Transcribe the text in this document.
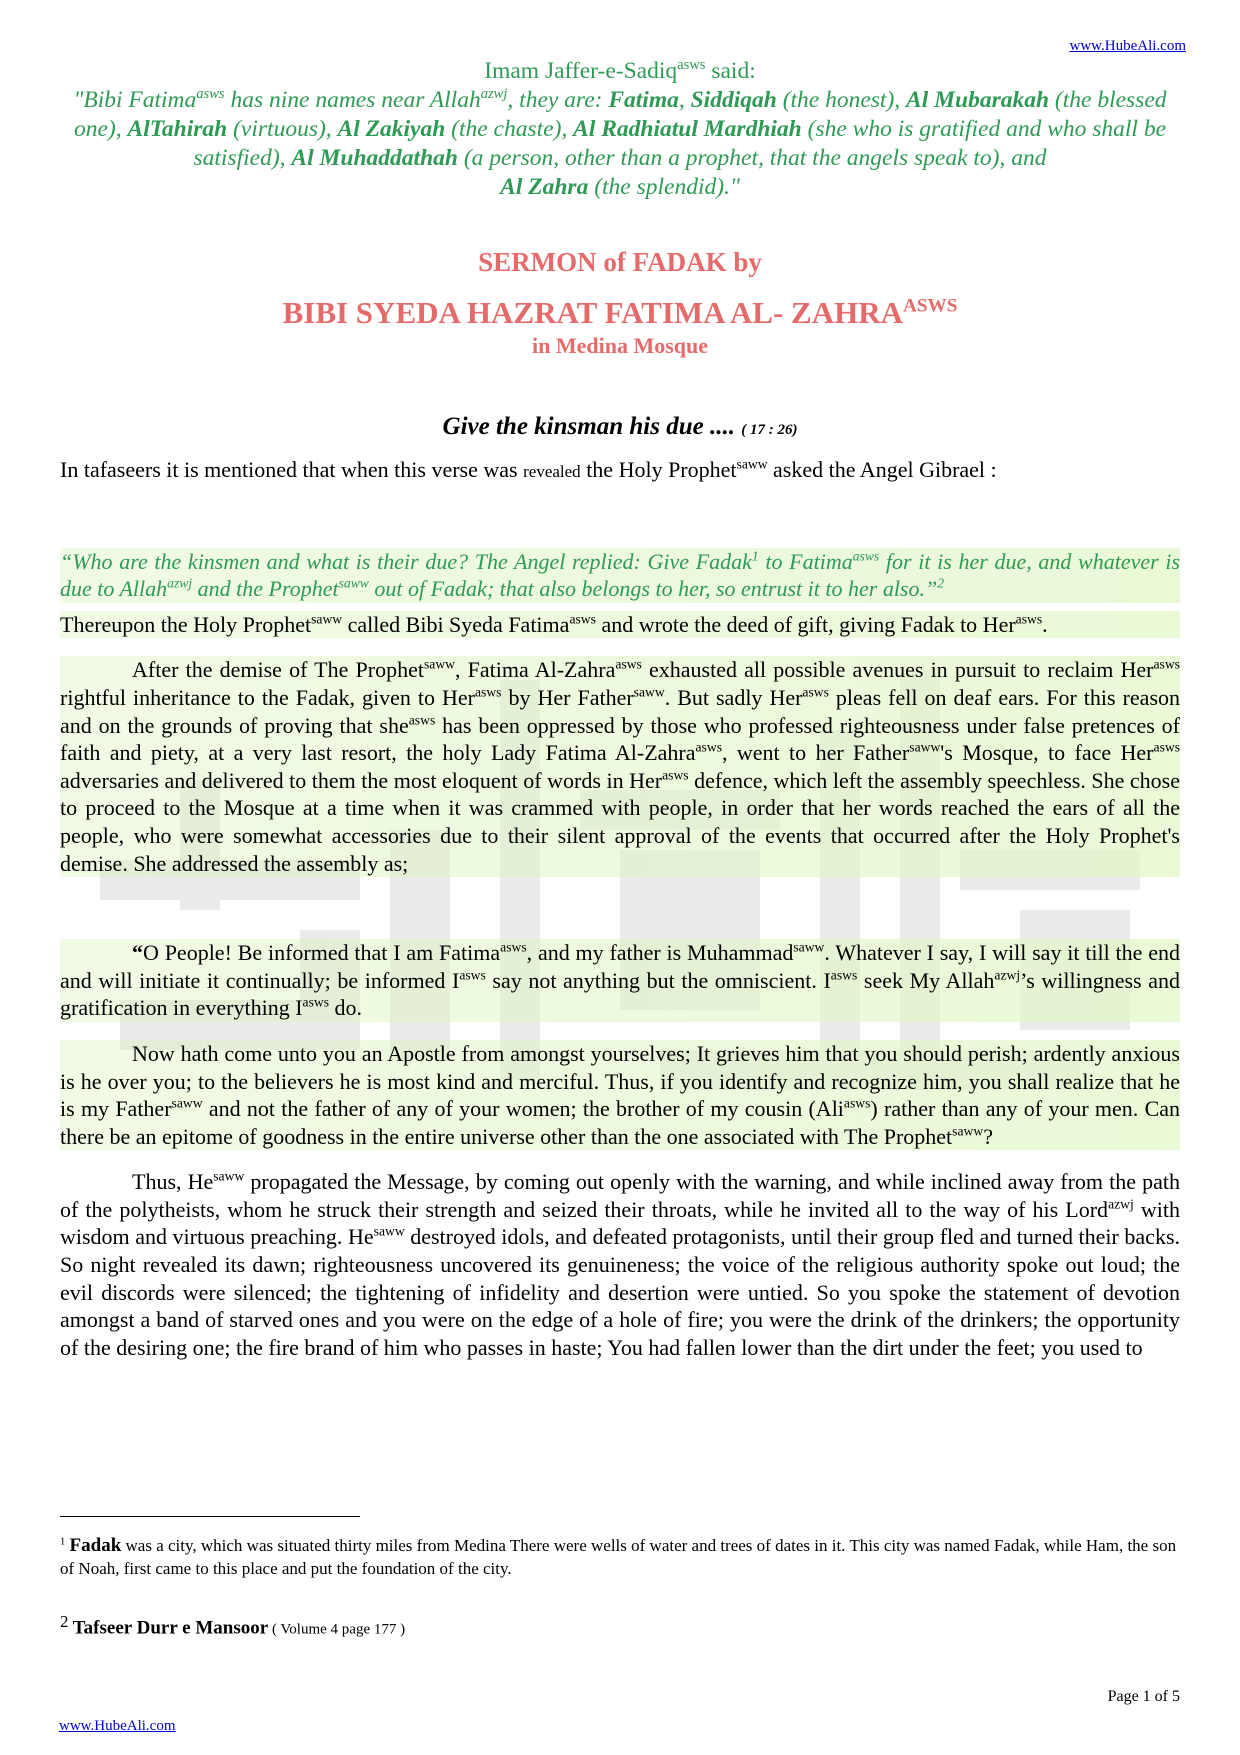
www.HubeAli.com
Imam Jaffer-e-Sadiq$^{asws}$ said:
"Bibi Fatima$^{asws}$ has nine names near Allah$^{azwj}$, they are: Fatima, Siddiqah (the honest), Al Mubarakah (the blessed one), AlTahirah (virtuous), Al Zakiyah (the chaste), Al Radhiatul Mardhiah (she who is gratified and who shall be satisfied), Al Muhaddathah (a person, other than a prophet, that the angels speak to), and
Al Zahra (the splendid)."
SERMON of FADAK by
BIBI SYEDA HAZRAT FATIMA AL- $ZAHRA^{ASWS}$
in Medina Mosque
Give the kinsman his due .... ( 17 : 26)

In tafaseers it is mentioned that when this verse was revealed the Holy Prophet$^{saww}$ asked the Angel Gibrael :

“Who are the kinsmen and what is their due? The Angel replied: Give Fadak$^1$ to Fatima$^{asws}$ for it is her due, and whatever is due to Allah$^{azwj}$ and the Prophet$^{saww}$ out of Fadak; that also belongs to her, so entrust it to her also.”$^2$

Thereupon the Holy Prophet$^{saww}$ called Bibi Syeda Fatima$^{asws}$ and wrote the deed of gift, giving Fadak to Her$^{asws}$.

After the demise of The Prophet$^{saww}$, Fatima Al-Zahra$^{asws}$ exhausted all possible avenues in pursuit to reclaim Her$^{asws}$ rightful inheritance to the Fadak, given to Her$^{asws}$ by Her Father$^{saww}$. But sadly Her$^{asws}$ pleas fell on deaf ears. For this reason and on the grounds of proving that she$^{asws}$ has been oppressed by those who professed righteousness under false pretences of faith and piety, at a very last resort, the holy Lady Fatima Al-Zahra$^{asws}$, went to her Father$^{saww}$'s Mosque, to face Her$^{asws}$ adversaries and delivered to them the most eloquent of words in Her$^{asws}$ defence, which left the assembly speechless. She chose to proceed to the Mosque at a time when it was crammed with people, in order that her words reached the ears of all the people, who were somewhat accessories due to their silent approval of the events that occurred after the Holy Prophet's demise. She addressed the assembly as;

“O People! Be informed that I am Fatima$^{asws}$, and my father is Muhammad$^{saww}$. Whatever I say, I will say it till the end and will initiate it continually; be informed $I^{asws}$ say not anything but the omniscient. $I^{asws}$ seek My Allah$^{azwj}$’s willingness and gratification in everything $I^{asws}$ do.

Now hath come unto you an Apostle from amongst yourselves; It grieves him that you should perish; ardently anxious is he over you; to the believers he is most kind and merciful. Thus, if you identify and recognize him, you shall realize that he is my Father$^{saww}$ and not the father of any of your women; the brother of my cousin (Ali$^{asws}$) rather than any of your men. Can there be an epitome of goodness in the entire universe other than the one associated with The Prophet$^{saww}$?

Thus, $He^{saww}$ propagated the Message, by coming out openly with the warning, and while inclined away from the path of the polytheists, whom he struck their strength and seized their throats, while he invited all to the way of his Lord$^{azwj}$ with wisdom and virtuous preaching. $He^{saww}$ destroyed idols, and defeated protagonists, until their group fled and turned their backs. So night revealed its dawn; righteousness uncovered its genuineness; the voice of the religious authority spoke out loud; the evil discords were silenced; the tightening of infidelity and desertion were untied. So you spoke the statement of devotion amongst a band of starved ones and you were on the edge of a hole of fire; you were the drink of the drinkers; the opportunity of the desiring one; the fire brand of him who passes in haste; You had fallen lower than the dirt under the feet; you used to

$^1$ Fadak was a city, which was situated thirty miles from Medina There were wells of water and trees of dates in it. This city was named Fadak, while Ham, the son of Noah, first came to this place and put the foundation of the city.
2 Tafseer Durr e Mansoor ( Volume 4 page 177 )
Page 1 of 5
www.HubeAli.com
